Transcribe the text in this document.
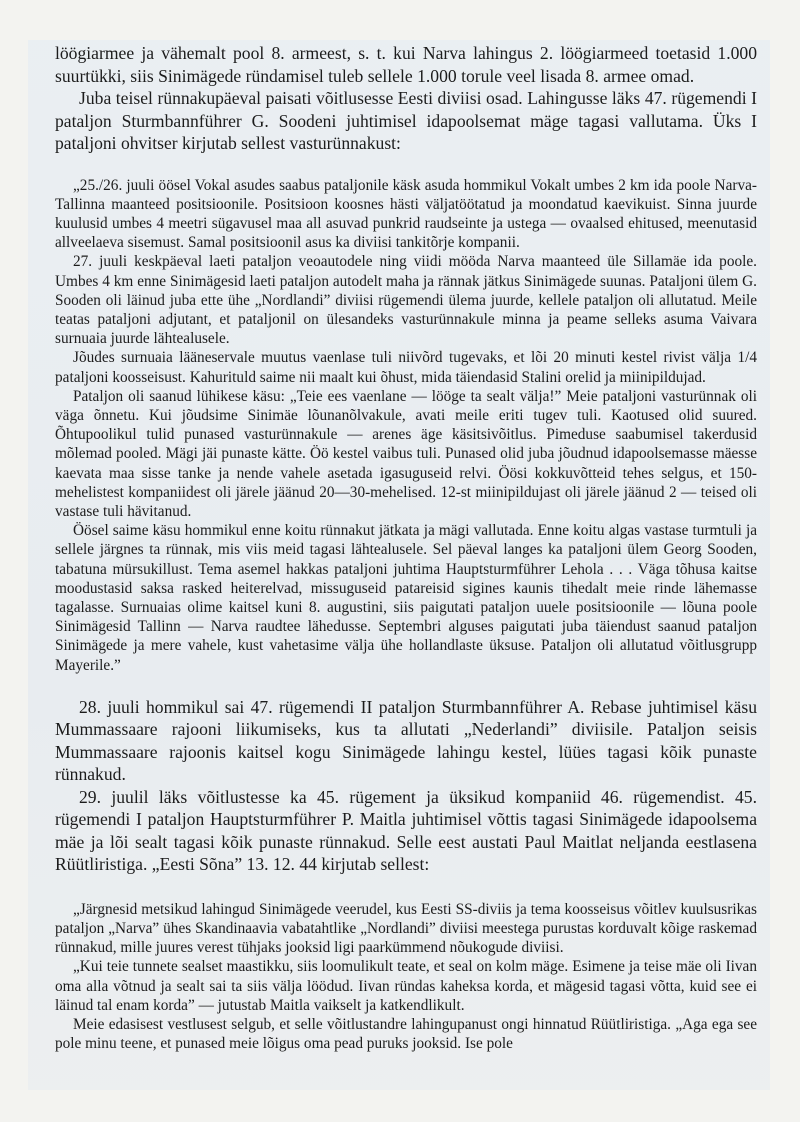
löögiarmee ja vähemalt pool 8. armeest, s. t. kui Narva lahingus 2. löögiarmeed toetasid 1.000 suurtükki, siis Sinimägede ründamisel tuleb sellele 1.000 torule veel lisada 8. armee omad.

Juba teisel rünnakupäeval paisati võitlusesse Eesti diviisi osad. Lahingusse läks 47. rügemendi I pataljon Sturmbannführer G. Soodeni juhtimisel idapoolsemat mäge tagasi vallutama. Üks I pataljoni ohvitser kirjutab sellest vasturünnakust:

„25./26. juuli öösel Vokal asudes saabus pataljonile käsk asuda hommikul Vokalt umbes 2 km ida poole Narva-Tallinna maanteed positsioonile. Positsioon koosnes hästi väljatöötatud ja moondatud kaevikuist. Sinna juurde kuulusid umbes 4 meetri sügavusel maa all asuvad punkrid raudseinte ja ustega — ovaalsed ehitused, meenutasid allveelaeva sisemust. Samal positsioonil asus ka diviisi tankitõrje kompanii.

27. juuli keskpäeval laeti pataljon veoautodele ning viidi mööda Narva maanteed üle Sillamäe ida poole. Umbes 4 km enne Sinimägesid laeti pataljon autodelt maha ja rännak jätkus Sinimägede suunas. Pataljoni ülem G. Sooden oli läinud juba ette ühe „Nordlandi” diviisi rügemendi ülema juurde, kellele pataljon oli allutatud. Meile teatas pataljoni adjutant, et pataljonil on ülesandeks vasturünnakule minna ja peame selleks asuma Vaivara surnuaia juurde lähtealusele.

Jõudes surnuaia lääneservale muutus vaenlase tuli niivõrd tugevaks, et lõi 20 minuti kestel rivist välja 1/4 pataljoni koosseisust. Kahurituld saime nii maalt kui õhust, mida täiendasid Stalini orelid ja miinipildujad.

Pataljon oli saanud lühikese käsu: „Teie ees vaenlane — lööge ta sealt välja!” Meie pataljoni vasturünnak oli väga õnnetu. Kui jõudsime Sinimäe lõunanõlvakule, avati meile eriti tugev tuli. Kaotused olid suured. Õhtupoolikul tulid punased vasturünnakule — arenes äge käsitsivõitlus. Pimeduse saabumisel takerdusid mõlemad pooled. Mägi jäi punaste kätte. Öö kestel vaibus tuli. Punased olid juba jõudnud idapoolsemasse mäesse kaevata maa sisse tanke ja nende vahele asetada igasuguseid relvi. Öösi kokkuvõtteid tehes selgus, et 150-mehelistest kompaniidest oli järele jäänud 20—30-mehelised. 12-st miinipildujast oli järele jäänud 2 — teised oli vastase tuli hävitanud.

Öösel saime käsu hommikul enne koitu rünnakut jätkata ja mägi vallutada. Enne koitu algas vastase turmtuli ja sellele järgnes ta rünnak, mis viis meid tagasi lähtealusele. Sel päeval langes ka pataljoni ülem Georg Sooden, tabatuna mürsukillust. Tema asemel hakkas pataljoni juhtima Hauptsturmführer Lehola . . . Väga tõhusa kaitse moodustasid saksa rasked heiterelvad, missuguseid patareisid sigines kaunis tihedalt meie rinde lähemasse tagalasse. Surnuaias olime kaitsel kuni 8. augustini, siis paigutati pataljon uuele positsioonile — lõuna poole Sinimägesid Tallinn — Narva raudtee lähedusse. Septembri alguses paigutati juba täiendust saanud pataljon Sinimägede ja mere vahele, kust vahetasime välja ühe hollandlaste üksuse. Pataljon oli allutatud võitlusgrupp Mayerile.”

28. juuli hommikul sai 47. rügemendi II pataljon Sturmbannführer A. Rebase juhtimisel käsu Mummassaare rajooni liikumiseks, kus ta allutati „Nederlandi” diviisile. Pataljon seisis Mummassaare rajoonis kaitsel kogu Sinimägede lahingu kestel, lüües tagasi kõik punaste rünnakud.

29. juulil läks võitlustesse ka 45. rügement ja üksikud kompaniid 46. rügemendist. 45. rügemendi I pataljon Hauptsturmführer P. Maitla juhtimisel võttis tagasi Sinimägede idapoolsema mäe ja lõi sealt tagasi kõik punaste rünnakud. Selle eest austati Paul Maitlat neljanda eestlasena Rüütliristiga. „Eesti Sõna” 13. 12. 44 kirjutab sellest:

„Järgnesid metsikud lahingud Sinimägede veerudel, kus Eesti SS-diviis ja tema koosseisus võitlev kuulsusrikas pataljon „Narva” ühes Skandinaavia vabatahtlike „Nordlandi” diviisi meestega purustas korduvalt kõige raskemad rünnakud, mille juures verest tühjaks jooksid ligi paarkümmend nõukogude diviisi.

„Kui teie tunnete sealset maastikku, siis loomulikult teate, et seal on kolm mäge. Esimene ja teise mäe oli Iivan oma alla võtnud ja sealt sai ta siis välja löödud. Iivan ründas kaheksa korda, et mägesid tagasi võtta, kuid see ei läinud tal enam korda” — jutustab Maitla vaikselt ja katkendlikult.

Meie edasisest vestlusest selgub, et selle võitlustandre lahingupanust ongi hinnatud Rüütliristiga. „Aga ega see pole minu teene, et punased meie lõigus oma pead puruks jooksid. Ise pole
